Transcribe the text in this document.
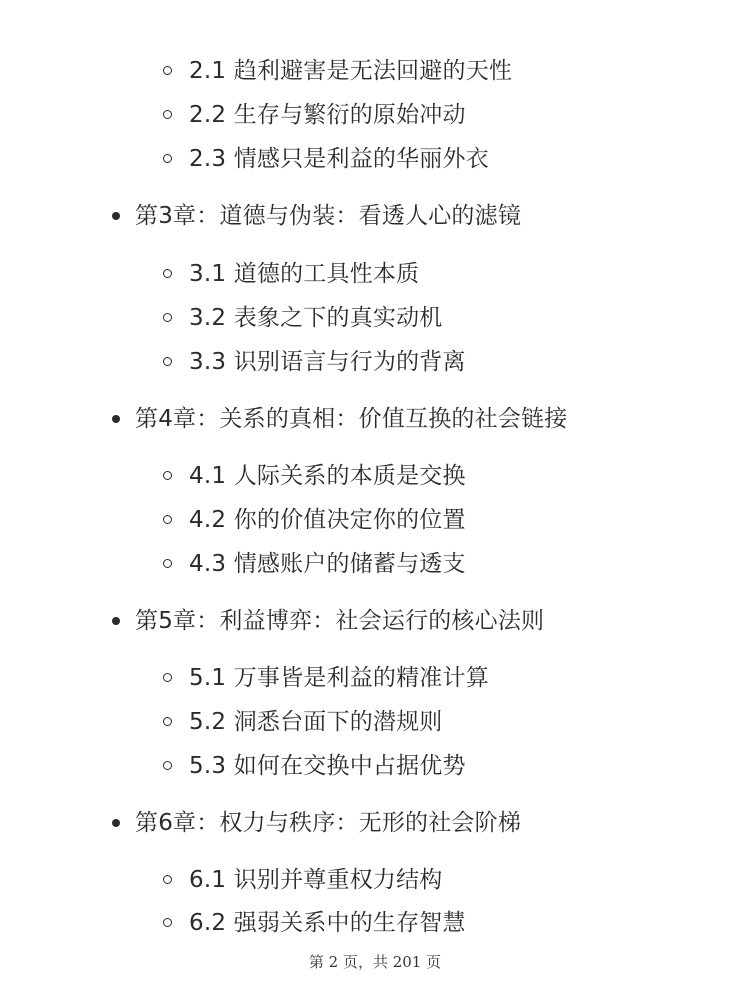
2.1 趋利避害是无法回避的天性
2.2 生存与繁衍的原始冲动
2.3 情感只是利益的华丽外衣
第3章：道德与伪装：看透人心的滤镜
3.1 道德的工具性本质
3.2 表象之下的真实动机
3.3 识别语言与行为的背离
第4章：关系的真相：价值互换的社会链接
4.1 人际关系的本质是交换
4.2 你的价值决定你的位置
4.3 情感账户的储蓄与透支
第5章：利益博弈：社会运行的核心法则
5.1 万事皆是利益的精准计算
5.2 洞悉台面下的潜规则
5.3 如何在交换中占据优势
第6章：权力与秩序：无形的社会阶梯
6.1 识别并尊重权力结构
6.2 强弱关系中的生存智慧
第 2 页，共 201 页
